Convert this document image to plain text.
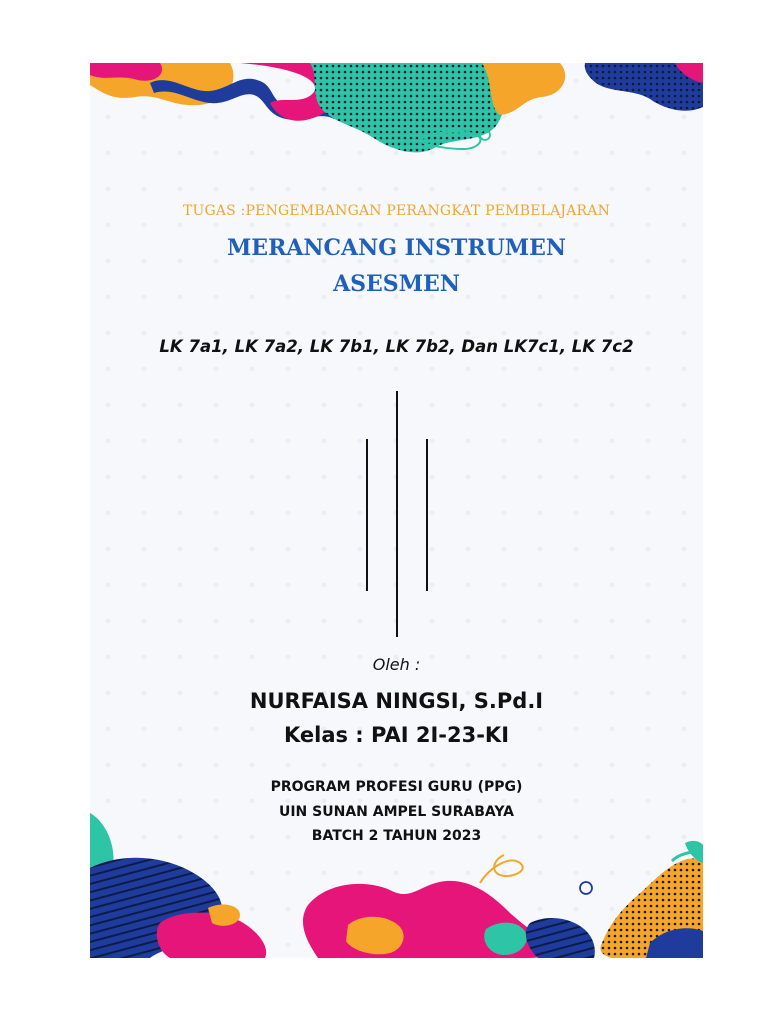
TUGAS :PENGEMBANGAN PERANGKAT PEMBELAJARAN

MERANCANG INSTRUMEN

ASESMEN

LK 7a1, LK 7a2, LK 7b1, LK 7b2, Dan LK7c1, LK 7c2

Oleh :

NURFAISA NINGSI, S.Pd.I

Kelas : PAI 2I-23-KI

PROGRAM PROFESI GURU (PPG)

UIN SUNAN AMPEL SURABAYA

BATCH 2 TAHUN 2023
